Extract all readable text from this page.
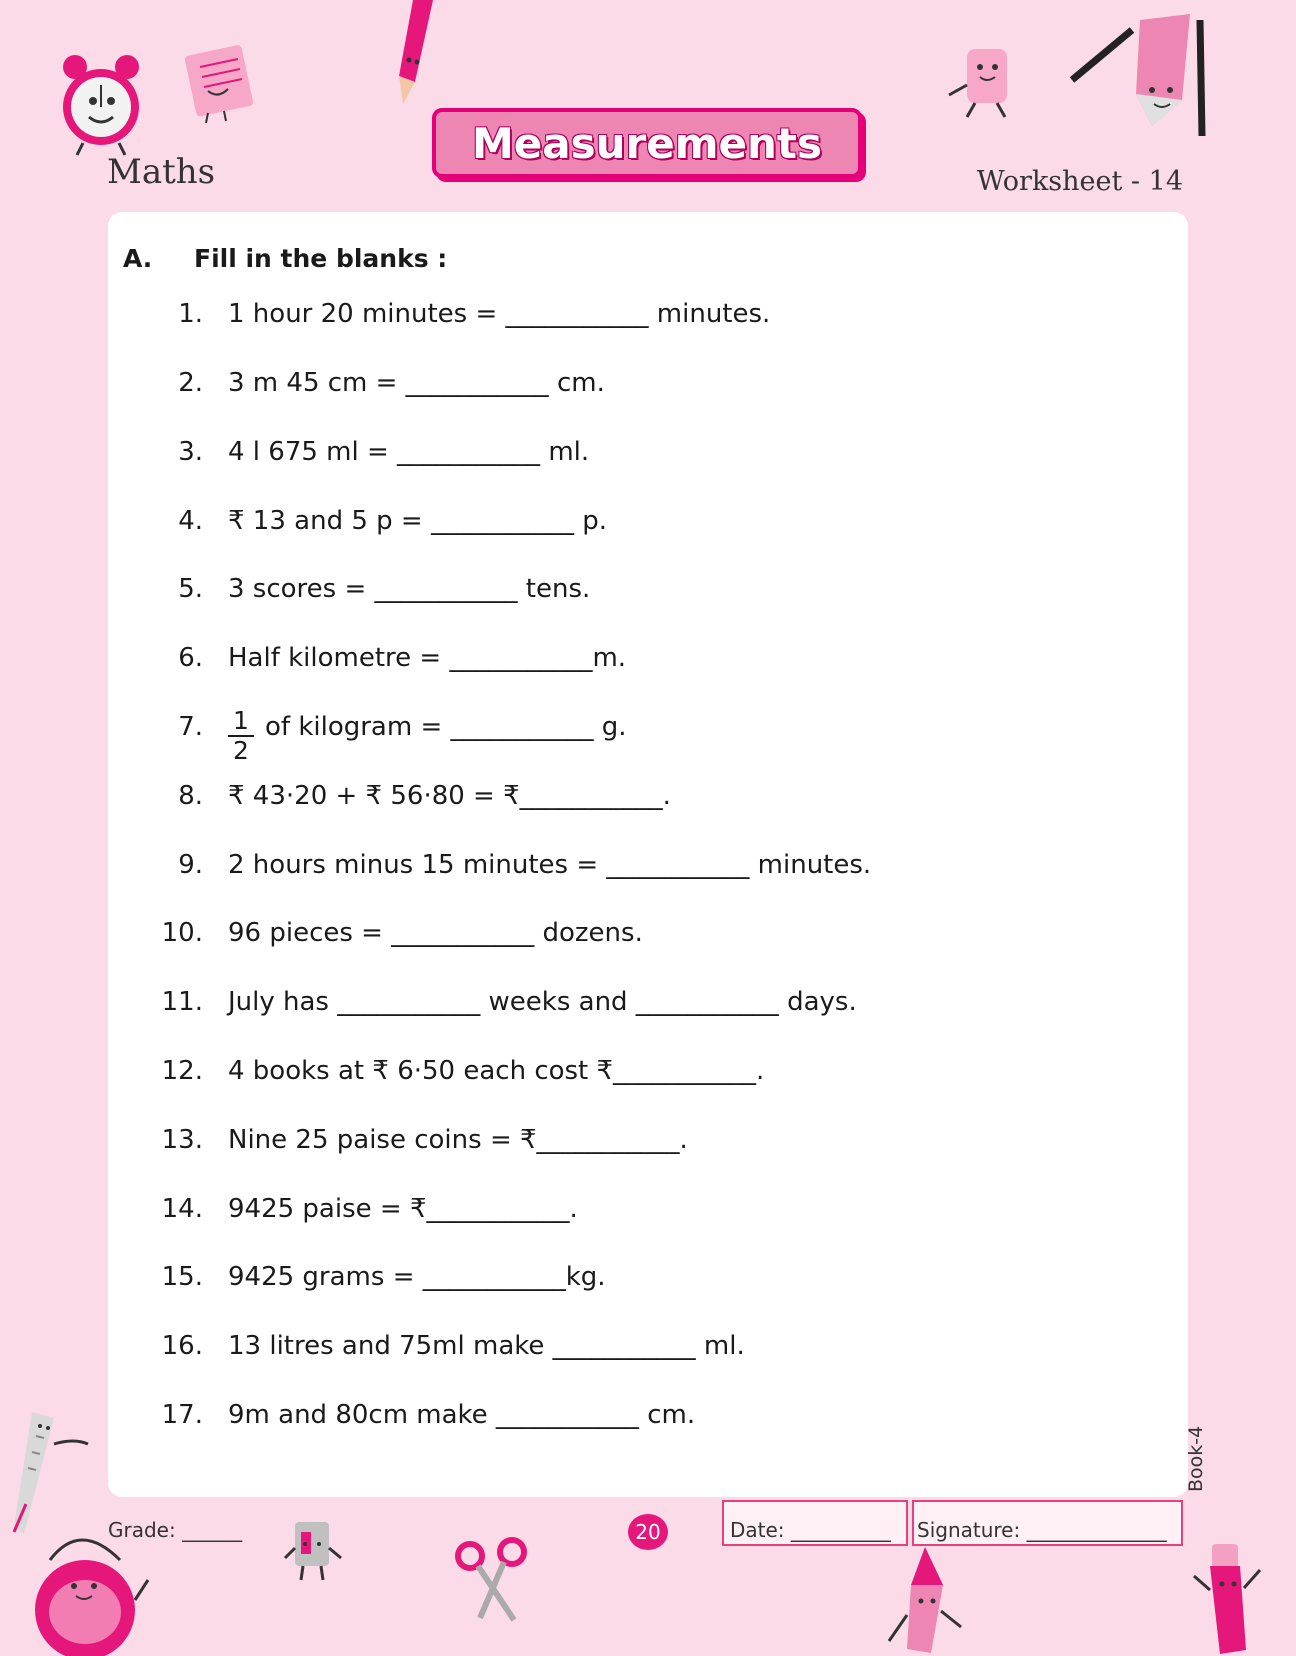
Maths
Measurements
Worksheet - 14
A. Fill in the blanks :
1. 1 hour 20 minutes = ___________ minutes.
2. 3 m 45 cm = ___________ cm.
3. 4 l 675 ml = ___________ ml.
4. ₹ 13 and 5 p = ___________ p.
5. 3 scores = ___________ tens.
6. Half kilometre = ___________m.
7. $\frac{1}{2}$ of kilogram = ___________ g.
8. ₹ 43·20 + ₹ 56·80 = ₹___________.
9. 2 hours minus 15 minutes = ___________ minutes.
10. 96 pieces = ___________ dozens.
11. July has ___________ weeks and ___________ days.
12. 4 books at ₹ 6·50 each cost ₹___________.
13. Nine 25 paise coins = ₹___________.
14. 9425 paise = ₹___________.
15. 9425 grams = ___________kg.
16. 13 litres and 75ml make ___________ ml.
17. 9m and 80cm make ___________ cm.
Book-4
Grade: ______	20	Date: __________ Signature: ______________
